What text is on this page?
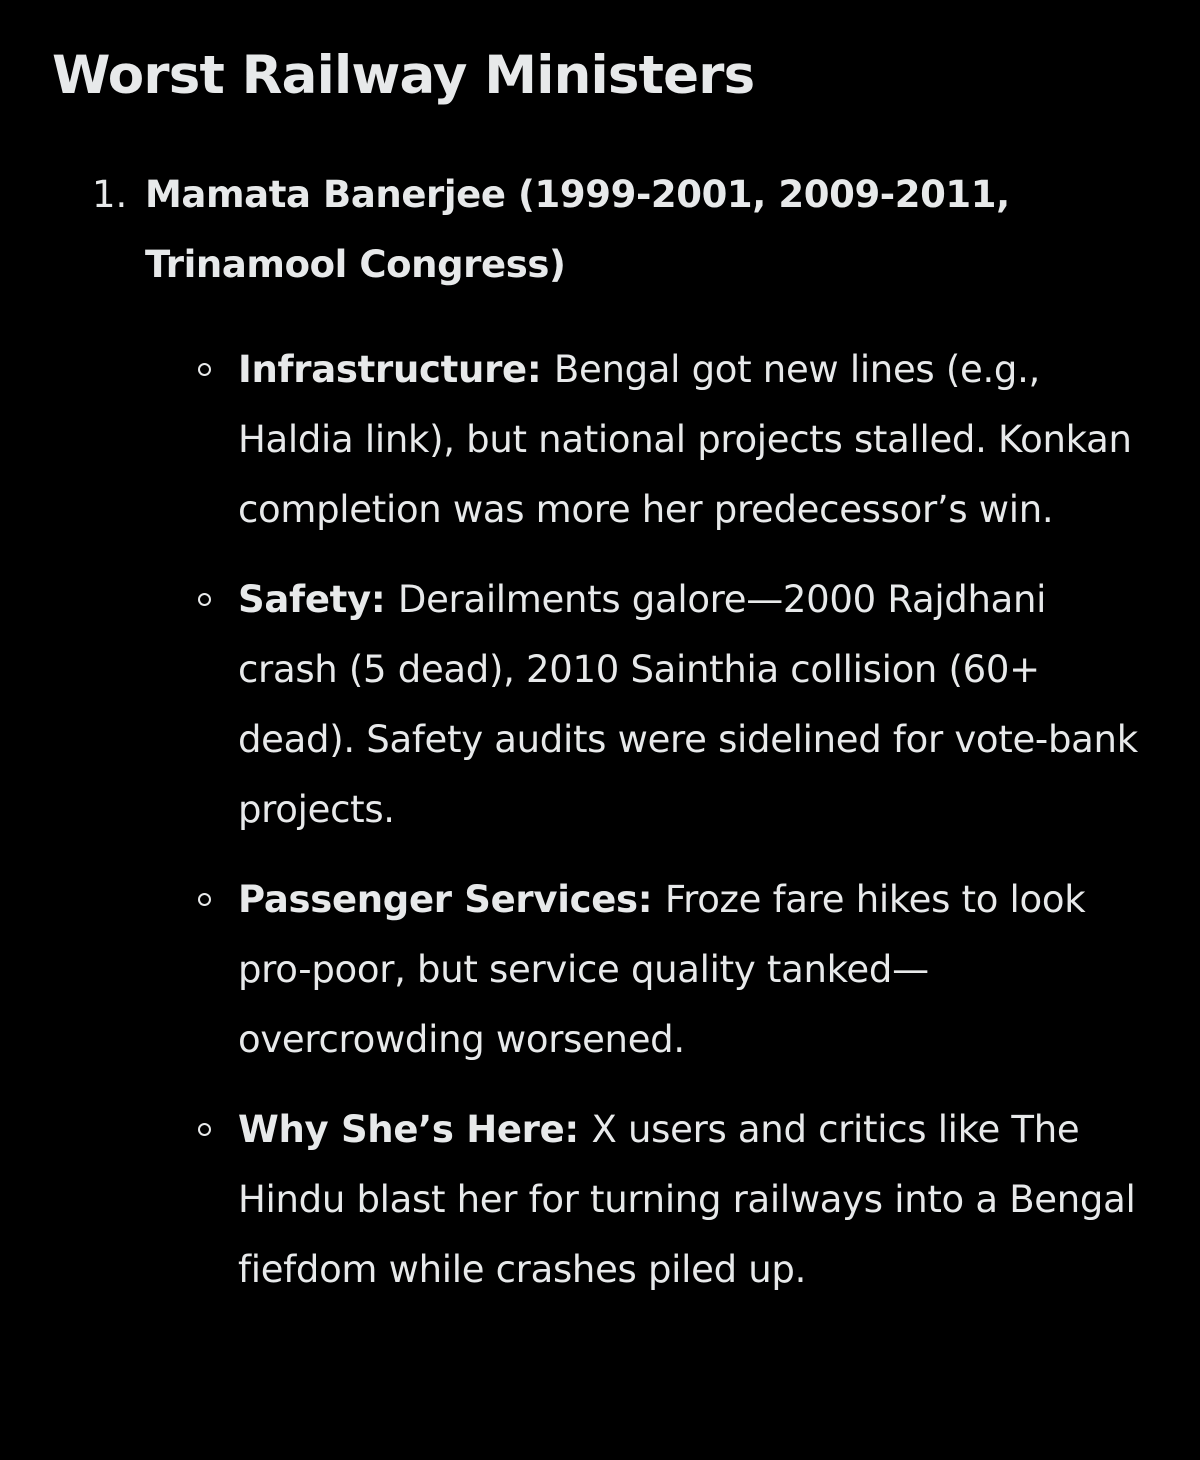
Worst Railway Ministers
1. Mamata Banerjee (1999-2001, 2009-2011, Trinamool Congress)
Infrastructure: Bengal got new lines (e.g., Haldia link), but national projects stalled. Konkan completion was more her predecessor’s win.
Safety: Derailments galore—2000 Rajdhani crash (5 dead), 2010 Sainthia collision (60+ dead). Safety audits were sidelined for vote-bank projects.
Passenger Services: Froze fare hikes to look pro-poor, but service quality tanked—overcrowding worsened.
Why She’s Here: X users and critics like The Hindu blast her for turning railways into a Bengal fiefdom while crashes piled up.
